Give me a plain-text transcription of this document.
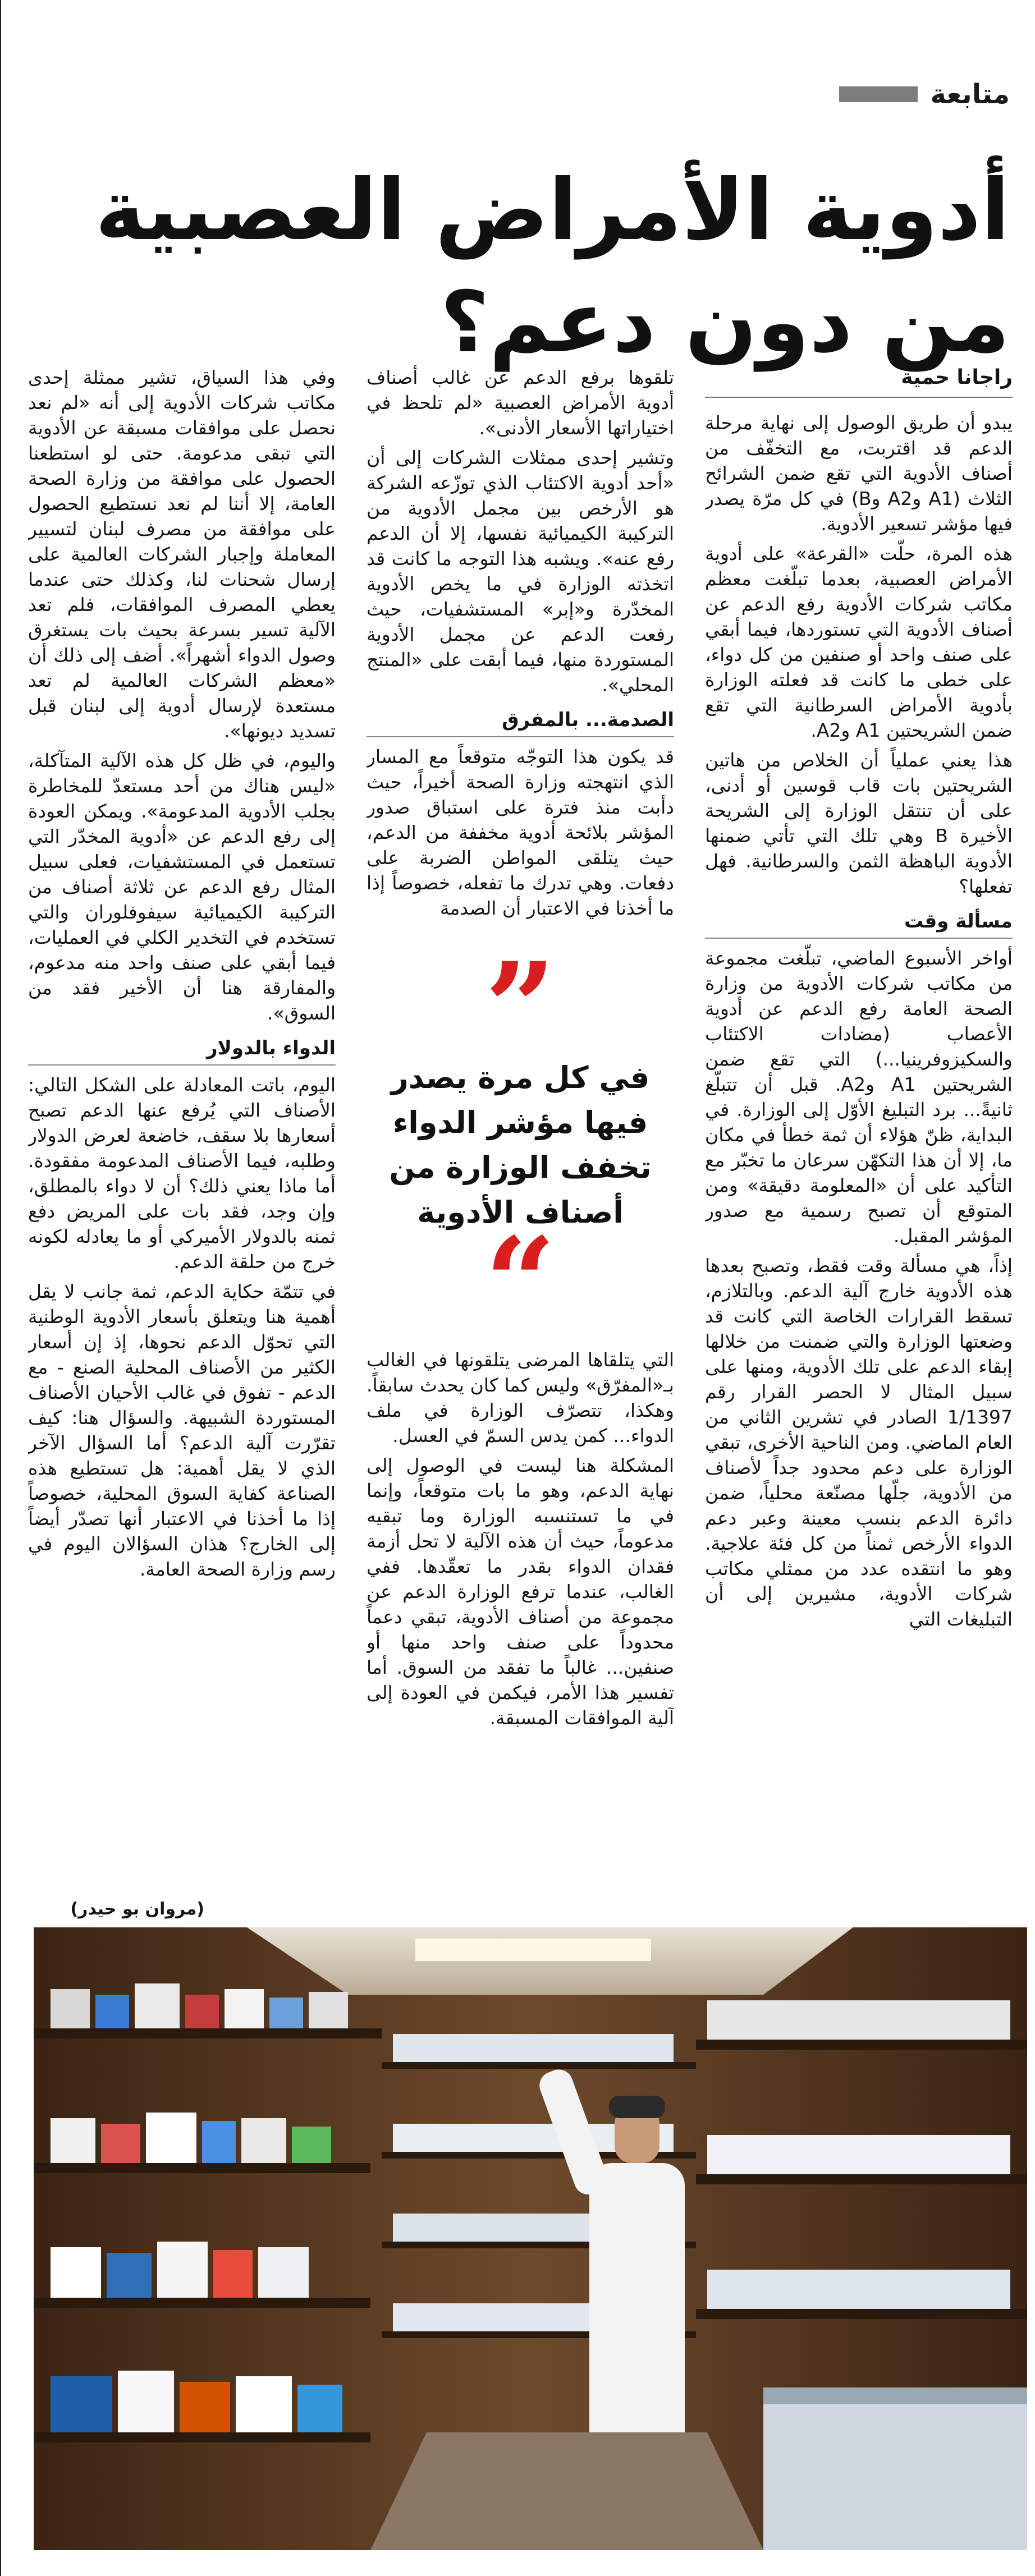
متابعة
أدوية الأمراض العصبية
من دون دعم؟
راجانا حمية

يبدو أن طريق الوصول إلى نهاية مرحلة الدعم قد اقتربت، مع التخفّف من أصناف الأدوية التي تقع ضمن الشرائح الثلاث (A1 وA2 وB) في كل مرّة يصدر فيها مؤشر تسعير الأدوية.

هذه المرة، حلّت «القرعة» على أدوية الأمراض العصبية، بعدما تبلّغت معظم مكاتب شركات الأدوية رفع الدعم عن أصناف الأدوية التي تستوردها، فيما أبقي على صنف واحد أو صنفين من كل دواء، على خطى ما كانت قد فعلته الوزارة بأدوية الأمراض السرطانية التي تقع ضمن الشريحتين A1 وA2.

هذا يعني عملياً أن الخلاص من هاتين الشريحتين بات قاب قوسين أو أدنى، على أن تنتقل الوزارة إلى الشريحة الأخيرة B وهي تلك التي تأتي ضمنها الأدوية الباهظة الثمن والسرطانية. فهل تفعلها؟

مسألة وقت

أواخر الأسبوع الماضي، تبلّغت مجموعة من مكاتب شركات الأدوية من وزارة الصحة العامة رفع الدعم عن أدوية الأعصاب (مضادات الاكتئاب والسكيزوفرينيا...) التي تقع ضمن الشريحتين A1 وA2. قبل أن تتبلّغ ثانيةً... برد التبليغ الأوّل إلى الوزارة. في البداية، ظنّ هؤلاء أن ثمة خطأ في مكان ما، إلا أن هذا التكهّن سرعان ما تخبّر مع التأكيد على أن «المعلومة دقيقة» ومن المتوقع أن تصبح رسمية مع صدور المؤشر المقبل.

إذاً، هي مسألة وقت فقط، وتصبح بعدها هذه الأدوية خارج آلية الدعم. وبالتلازم، تسقط القرارات الخاصة التي كانت قد وضعتها الوزارة والتي ضمنت من خلالها إبقاء الدعم على تلك الأدوية، ومنها على سبيل المثال لا الحصر القرار رقم 1/1397 الصادر في تشرين الثاني من العام الماضي. ومن الناحية الأخرى، تبقي الوزارة على دعم محدود جداً لأصناف من الأدوية، جلّها مصنّعة محلياً، ضمن دائرة الدعم بنسب معينة وعبر دعم الدواء الأرخص ثمناً من كل فئة علاجية. وهو ما انتقده عدد من ممثلي مكاتب شركات الأدوية، مشيرين إلى أن التبليغات التي

تلقوها برفع الدعم عن غالب أصناف أدوية الأمراض العصبية «لم تلحظ في اختياراتها الأسعار الأدنى».

وتشير إحدى ممثلات الشركات إلى أن «أحد أدوية الاكتئاب الذي توزّعه الشركة هو الأرخص بين مجمل الأدوية من التركيبة الكيميائية نفسها، إلا أن الدعم رفع عنه». ويشبه هذا التوجه ما كانت قد اتخذته الوزارة في ما يخص الأدوية المخدّرة و«إبر» المستشفيات، حيث رفعت الدعم عن مجمل الأدوية المستوردة منها، فيما أبقت على «المنتج المحلي».

الصدمة... بالمفرق

قد يكون هذا التوجّه متوقعاً مع المسار الذي انتهجته وزارة الصحة أخيراً، حيث دأبت منذ فترة على استباق صدور المؤشر بلائحة أدوية مخففة من الدعم، حيث يتلقى المواطن الضربة على دفعات. وهي تدرك ما تفعله، خصوصاً إذا ما أخذنا في الاعتبار أن الصدمة

”
في كل مرة يصدر فيها مؤشر الدواء تخفف الوزارة من أصناف الأدوية
“

التي يتلقاها المرضى يتلقونها في الغالب بـ«المفرّق» وليس كما كان يحدث سابقاً. وهكذا، تتصرّف الوزارة في ملف الدواء... كمن يدس السمّ في العسل.

المشكلة هنا ليست في الوصول إلى نهاية الدعم، وهو ما بات متوقعاً، وإنما في ما تستنسبه الوزارة وما تبقيه مدعوماً، حيث أن هذه الآلية لا تحل أزمة فقدان الدواء بقدر ما تعقّدها. ففي الغالب، عندما ترفع الوزارة الدعم عن مجموعة من أصناف الأدوية، تبقي دعماً محدوداً على صنف واحد منها أو صنفين... غالباً ما تفقد من السوق. أما تفسير هذا الأمر، فيكمن في العودة إلى آلية الموافقات المسبقة.

وفي هذا السياق، تشير ممثلة إحدى مكاتب شركات الأدوية إلى أنه «لم نعد نحصل على موافقات مسبقة عن الأدوية التي تبقى مدعومة. حتى لو استطعنا الحصول على موافقة من وزارة الصحة العامة، إلا أننا لم نعد نستطيع الحصول على موافقة من مصرف لبنان لتسيير المعاملة وإجبار الشركات العالمية على إرسال شحنات لنا، وكذلك حتى عندما يعطي المصرف الموافقات، فلم تعد الآلية تسير بسرعة بحيث بات يستغرق وصول الدواء أشهراً». أضف إلى ذلك أن «معظم الشركات العالمية لم تعد مستعدة لإرسال أدوية إلى لبنان قبل تسديد ديونها».

واليوم، في ظل كل هذه الآلية المتآكلة، «ليس هناك من أحد مستعدّ للمخاطرة بجلب الأدوية المدعومة». ويمكن العودة إلى رفع الدعم عن «أدوية المخدّر التي تستعمل في المستشفيات، فعلى سبيل المثال رفع الدعم عن ثلاثة أصناف من التركيبة الكيميائية سيفوفلوران والتي تستخدم في التخدير الكلي في العمليات، فيما أبقي على صنف واحد منه مدعوم، والمفارقة هنا أن الأخير فقد من السوق».

الدواء بالدولار

اليوم، باتت المعادلة على الشكل التالي: الأصناف التي يُرفع عنها الدعم تصبح أسعارها بلا سقف، خاضعة لعرض الدولار وطلبه، فيما الأصناف المدعومة مفقودة. أما ماذا يعني ذلك؟ أن لا دواء بالمطلق، وإن وجد، فقد بات على المريض دفع ثمنه بالدولار الأميركي أو ما يعادله لكونه خرج من حلقة الدعم.

في تتمّة حكاية الدعم، ثمة جانب لا يقل أهمية هنا ويتعلق بأسعار الأدوية الوطنية التي تحوّل الدعم نحوها، إذ إن أسعار الكثير من الأصناف المحلية الصنع - مع الدعم - تفوق في غالب الأحيان الأصناف المستوردة الشبيهة. والسؤال هنا: كيف تقرّرت آلية الدعم؟ أما السؤال الآخر الذي لا يقل أهمية: هل تستطيع هذه الصناعة كفاية السوق المحلية، خصوصاً إذا ما أخذنا في الاعتبار أنها تصدّر أيضاً إلى الخارج؟ هذان السؤالان اليوم في رسم وزارة الصحة العامة.

(مروان بو حيدر)
